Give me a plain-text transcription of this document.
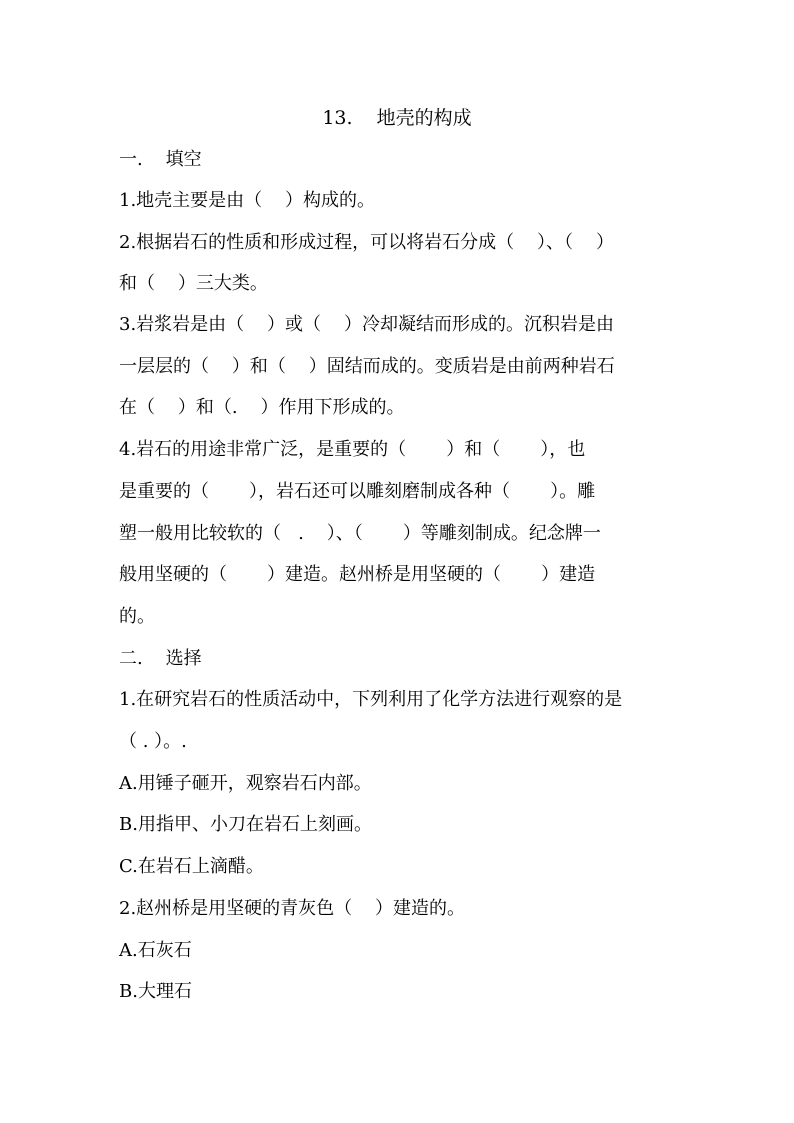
13.    地壳的构成
一.    填空
1.地壳主要是由（    ）构成的。
2.根据岩石的性质和形成过程，可以将岩石分成（    ）、（    ）
和（    ）三大类。
3.岩浆岩是由（    ）或（    ）冷却凝结而形成的。沉积岩是由
一层层的（    ）和（    ）固结而成的。变质岩是由前两种岩石
在（    ）和（.    ）作用下形成的。
4.岩石的用途非常广泛，是重要的（       ）和（       ），也
是重要的（       ），岩石还可以雕刻磨制成各种（       ）。雕
塑一般用比较软的（   .    ）、（       ）等雕刻制成。纪念牌一
般用坚硬的（       ）建造。赵州桥是用坚硬的（       ）建造
的。
二.    选择
1.在研究岩石的性质活动中，下列利用了化学方法进行观察的是
（ . ）。.
A.用锤子砸开，观察岩石内部。
B.用指甲、小刀在岩石上刻画。
C.在岩石上滴醋。
2.赵州桥是用坚硬的青灰色（    ）建造的。
A.石灰石
B.大理石
